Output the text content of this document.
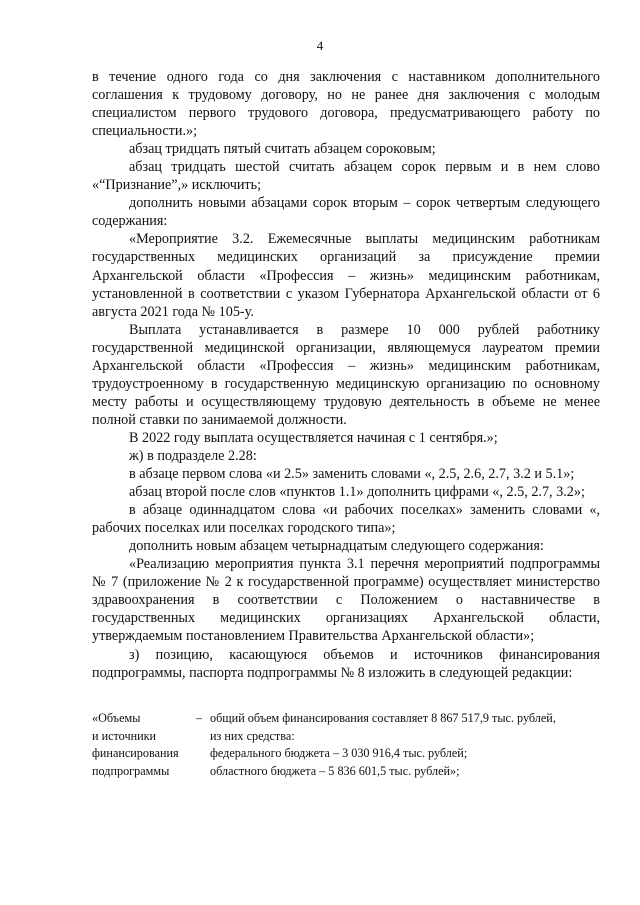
4

в течение одного года со дня заключения с наставником дополнительного соглашения к трудовому договору, но не ранее дня заключения с молодым специалистом первого трудового договора, предусматривающего работу по специальности.»;

абзац тридцать пятый считать абзацем сороковым;

абзац тридцать шестой считать абзацем сорок первым и в нем слово «“Признание”,» исключить;

дополнить новыми абзацами сорок вторым – сорок четвертым следующего содержания:

«Мероприятие 3.2. Ежемесячные выплаты медицинским работникам государственных медицинских организаций за присуждение премии Архангельской области «Профессия – жизнь» медицинским работникам, установленной в соответствии с указом Губернатора Архангельской области от 6 августа 2021 года № 105-у.

Выплата устанавливается в размере 10 000 рублей работнику государственной медицинской организации, являющемуся лауреатом премии Архангельской области «Профессия – жизнь» медицинским работникам, трудоустроенному в государственную медицинскую организацию по основному месту работы и осуществляющему трудовую деятельность в объеме не менее полной ставки по занимаемой должности.

В 2022 году выплата осуществляется начиная с 1 сентября.»;

ж) в подразделе 2.28:

в абзаце первом слова «и 2.5» заменить словами «, 2.5, 2.6, 2.7, 3.2 и 5.1»;

абзац второй после слов «пунктов 1.1» дополнить цифрами «, 2.5, 2.7, 3.2»;

в абзаце одиннадцатом слова «и рабочих поселках» заменить словами «, рабочих поселках или поселках городского типа»;

дополнить новым абзацем четырнадцатым следующего содержания:

«Реализацию мероприятия пункта 3.1 перечня мероприятий подпрограммы № 7 (приложение № 2 к государственной программе) осуществляет министерство здравоохранения в соответствии с Положением о наставничестве в государственных медицинских организациях Архангельской области, утверждаемым постановлением Правительства Архангельской области»;

з) позицию, касающуюся объемов и источников финансирования подпрограммы, паспорта подпрограммы № 8 изложить в следующей редакции:

«Объемы
и источники
финансирования
подпрограммы
– общий объем финансирования составляет 8 867 517,9 тыс. рублей,
из них средства:
федерального бюджета – 3 030 916,4 тыс. рублей;
областного бюджета – 5 836 601,5 тыс. рублей»;
